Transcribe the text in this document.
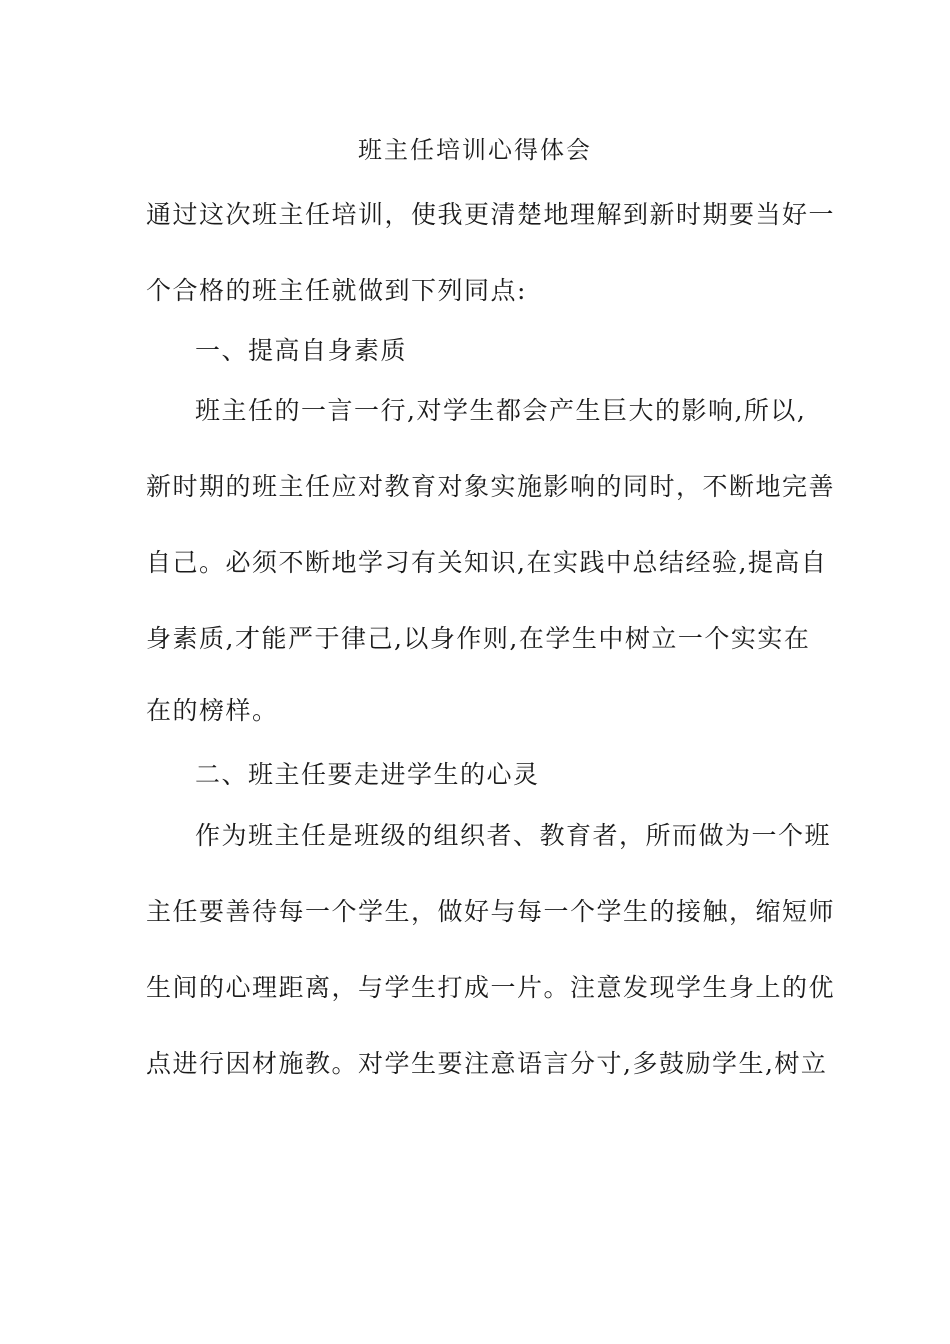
班主任培训心得体会

通过这次班主任培训，使我更清楚地理解到新时期要当好一

个合格的班主任就做到下列同点:

一、提高自身素质

班主任的一言一行,对学生都会产生巨大的影响,所以,

新时期的班主任应对教育对象实施影响的同时，不断地完善

自己。必须不断地学习有关知识,在实践中总结经验,提高自

身素质,才能严于律己,以身作则,在学生中树立一个实实在

在的榜样。

二、班主任要走进学生的心灵

作为班主任是班级的组织者、教育者，所而做为一个班

主任要善待每一个学生，做好与每一个学生的接触，缩短师

生间的心理距离，与学生打成一片。注意发现学生身上的优

点进行因材施教。对学生要注意语言分寸,多鼓励学生,树立
